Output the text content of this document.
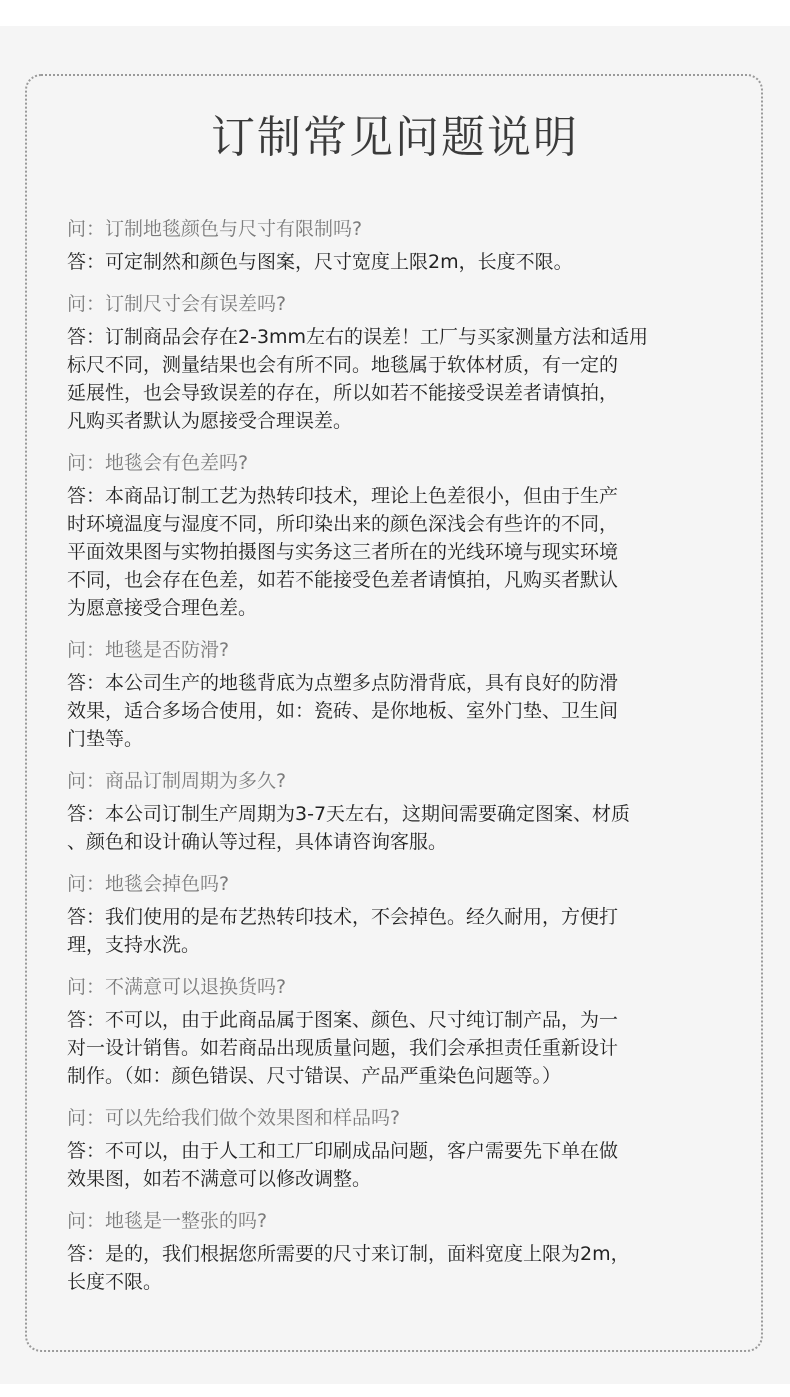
订制常见问题说明
问：订制地毯颜色与尺寸有限制吗?
答：可定制然和颜色与图案，尺寸宽度上限2m，长度不限。
问：订制尺寸会有误差吗?
答：订制商品会存在2-3mm左右的误差！工厂与买家测量方法和适用
标尺不同，测量结果也会有所不同。地毯属于软体材质，有一定的
延展性，也会导致误差的存在，所以如若不能接受误差者请慎拍，
凡购买者默认为愿接受合理误差。
问：地毯会有色差吗?
答：本商品订制工艺为热转印技术，理论上色差很小，但由于生产
时环境温度与湿度不同，所印染出来的颜色深浅会有些许的不同，
平面效果图与实物拍摄图与实务这三者所在的光线环境与现实环境
不同，也会存在色差，如若不能接受色差者请慎拍，凡购买者默认
为愿意接受合理色差。
问：地毯是否防滑?
答：本公司生产的地毯背底为点塑多点防滑背底，具有良好的防滑
效果，适合多场合使用，如：瓷砖、是你地板、室外门垫、卫生间
门垫等。
问：商品订制周期为多久?
答：本公司订制生产周期为3-7天左右，这期间需要确定图案、材质
、颜色和设计确认等过程，具体请咨询客服。
问：地毯会掉色吗?
答：我们使用的是布艺热转印技术，不会掉色。经久耐用，方便打
理，支持水洗。
问：不满意可以退换货吗?
答：不可以，由于此商品属于图案、颜色、尺寸纯订制产品，为一
对一设计销售。如若商品出现质量问题，我们会承担责任重新设计
制作。（如：颜色错误、尺寸错误、产品严重染色问题等。）
问：可以先给我们做个效果图和样品吗?
答：不可以，由于人工和工厂印刷成品问题，客户需要先下单在做
效果图，如若不满意可以修改调整。
问：地毯是一整张的吗?
答：是的，我们根据您所需要的尺寸来订制，面料宽度上限为2m，
长度不限。
